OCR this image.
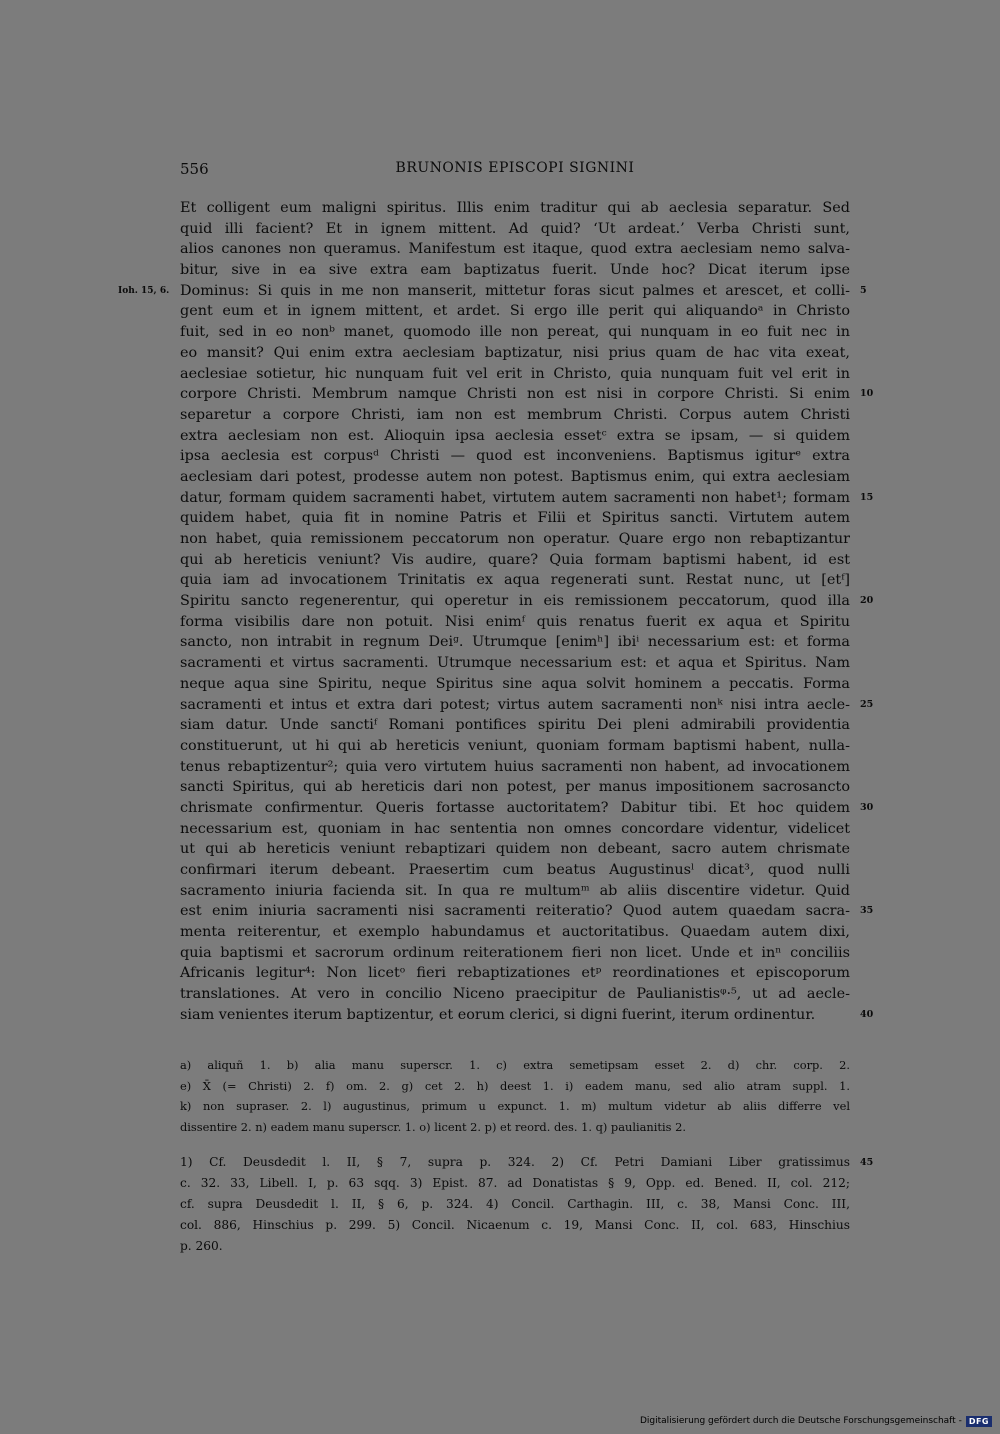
556	BRUNONIS EPISCOPI SIGNINI
Et colligent eum maligni spiritus. Illis enim traditur qui ab aeclesia separatur. Sed
quid illi facient? Et in ignem mittent. Ad quid? ‘Ut ardeat.’ Verba Christi sunt,
alios canones non queramus. Manifestum est itaque, quod extra aeclesiam nemo salva-
bitur, sive in ea sive extra eam baptizatus fuerit. Unde hoc? Dicat iterum ipse
Dominus: Si quis in me non manserit, mittetur foras sicut palmes et arescet, et colli-
Ioh. 15, 6.	5
gent eum et in ignem mittent, et ardet. Si ergo ille perit qui aliquandoᵃ in Christo
fuit, sed in eo nonᵇ manet, quomodo ille non pereat, qui nunquam in eo fuit nec in
eo mansit? Qui enim extra aeclesiam baptizatur, nisi prius quam de hac vita exeat,
aeclesiae sotietur, hic nunquam fuit vel erit in Christo, quia nunquam fuit vel erit in
corpore Christi. Membrum namque Christi non est nisi in corpore Christi. Si enim 10
separetur a corpore Christi, iam non est membrum Christi. Corpus autem Christi
extra aeclesiam non est. Alioquin ipsa aeclesia essetᶜ extra se ipsam, — si quidem
ipsa aeclesia est corpusᵈ Christi — quod est inconveniens. Baptismus igiturᵉ extra
aeclesiam dari potest, prodesse autem non potest. Baptismus enim, qui extra aeclesiam
datur, formam quidem sacramenti habet, virtutem autem sacramenti non habet¹; formam 15
quidem habet, quia fit in nomine Patris et Filii et Spiritus sancti. Virtutem autem
non habet, quia remissionem peccatorum non operatur. Quare ergo non rebaptizantur
qui ab hereticis veniunt? Vis audire, quare? Quia formam baptismi habent, id est
quia iam ad invocationem Trinitatis ex aqua regenerati sunt. Restat nunc, ut [etᶠ]
Spiritu sancto regenerentur, qui operetur in eis remissionem peccatorum, quod illa 20
forma visibilis dare non potuit. Nisi enimᶠ quis renatus fuerit ex aqua et Spiritu
sancto, non intrabit in regnum Deiᵍ. Utrumque [enimʰ] ibiⁱ necessarium est: et forma
sacramenti et virtus sacramenti. Utrumque necessarium est: et aqua et Spiritus. Nam
neque aqua sine Spiritu, neque Spiritus sine aqua solvit hominem a peccatis. Forma
sacramenti et intus et extra dari potest; virtus autem sacramenti nonᵏ nisi intra aecle- 25
siam datur. Unde sanctiᶠ Romani pontifices spiritu Dei pleni admirabili providentia
constituerunt, ut hi qui ab hereticis veniunt, quoniam formam baptismi habent, nulla-
tenus rebaptizentur²; quia vero virtutem huius sacramenti non habent, ad invocationem
sancti Spiritus, qui ab hereticis dari non potest, per manus impositionem sacrosancto
chrismate confirmentur. Queris fortasse auctoritatem? Dabitur tibi. Et hoc quidem 30
necessarium est, quoniam in hac sententia non omnes concordare videntur, videlicet
ut qui ab hereticis veniunt rebaptizari quidem non debeant, sacro autem chrismate
confirmari iterum debeant. Praesertim cum beatus Augustinusˡ dicat³, quod nulli
sacramento iniuria facienda sit. In qua re multumᵐ ab aliis discentire videtur. Quid
est enim iniuria sacramenti nisi sacramenti reiteratio? Quod autem quaedam sacra- 35
menta reiterentur, et exemplo habundamus et auctoritatibus. Quaedam autem dixi,
quia baptismi et sacrorum ordinum reiterationem fieri non licet. Unde et inⁿ conciliis
Africanis legitur⁴: Non licetᵒ fieri rebaptizationes etᵖ reordinationes et episcoporum
translationes. At vero in concilio Niceno praecipitur de Paulianistisᵠ·⁵, ut ad aecle-
siam venientes iterum baptizentur, et eorum clerici, si digni fuerint, iterum ordinentur.	40
a) aliquñ 1. b) alia manu superscr. 1. c) extra semetipsam esset 2. d) chr. corp. 2.
e) X̄ (= Christi) 2. f) om. 2. g) cet 2. h) deest 1. i) eadem manu, sed alio atram suppl. 1.
k) non supraser. 2. l) augustinus, primum u expunct. 1. m) multum videtur ab aliis differre vel
dissentire 2. n) eadem manu superscr. 1. o) licent 2. p) et reord. des. 1. q) paulianitis 2.
1) Cf. Deusdedit l. II, § 7, supra p. 324. 2) Cf. Petri Damiani Liber gratissimus 45
c. 32. 33, Libell. I, p. 63 sqq. 3) Epist. 87. ad Donatistas § 9, Opp. ed. Bened. II, col. 212;
cf. supra Deusdedit l. II, § 6, p. 324. 4) Concil. Carthagin. III, c. 38, Mansi Conc. III,
col. 886, Hinschius p. 299. 5) Concil. Nicaenum c. 19, Mansi Conc. II, col. 683, Hinschius
p. 260.
Digitalisierung gefördert durch die Deutsche Forschungsgemeinschaft - DFG
